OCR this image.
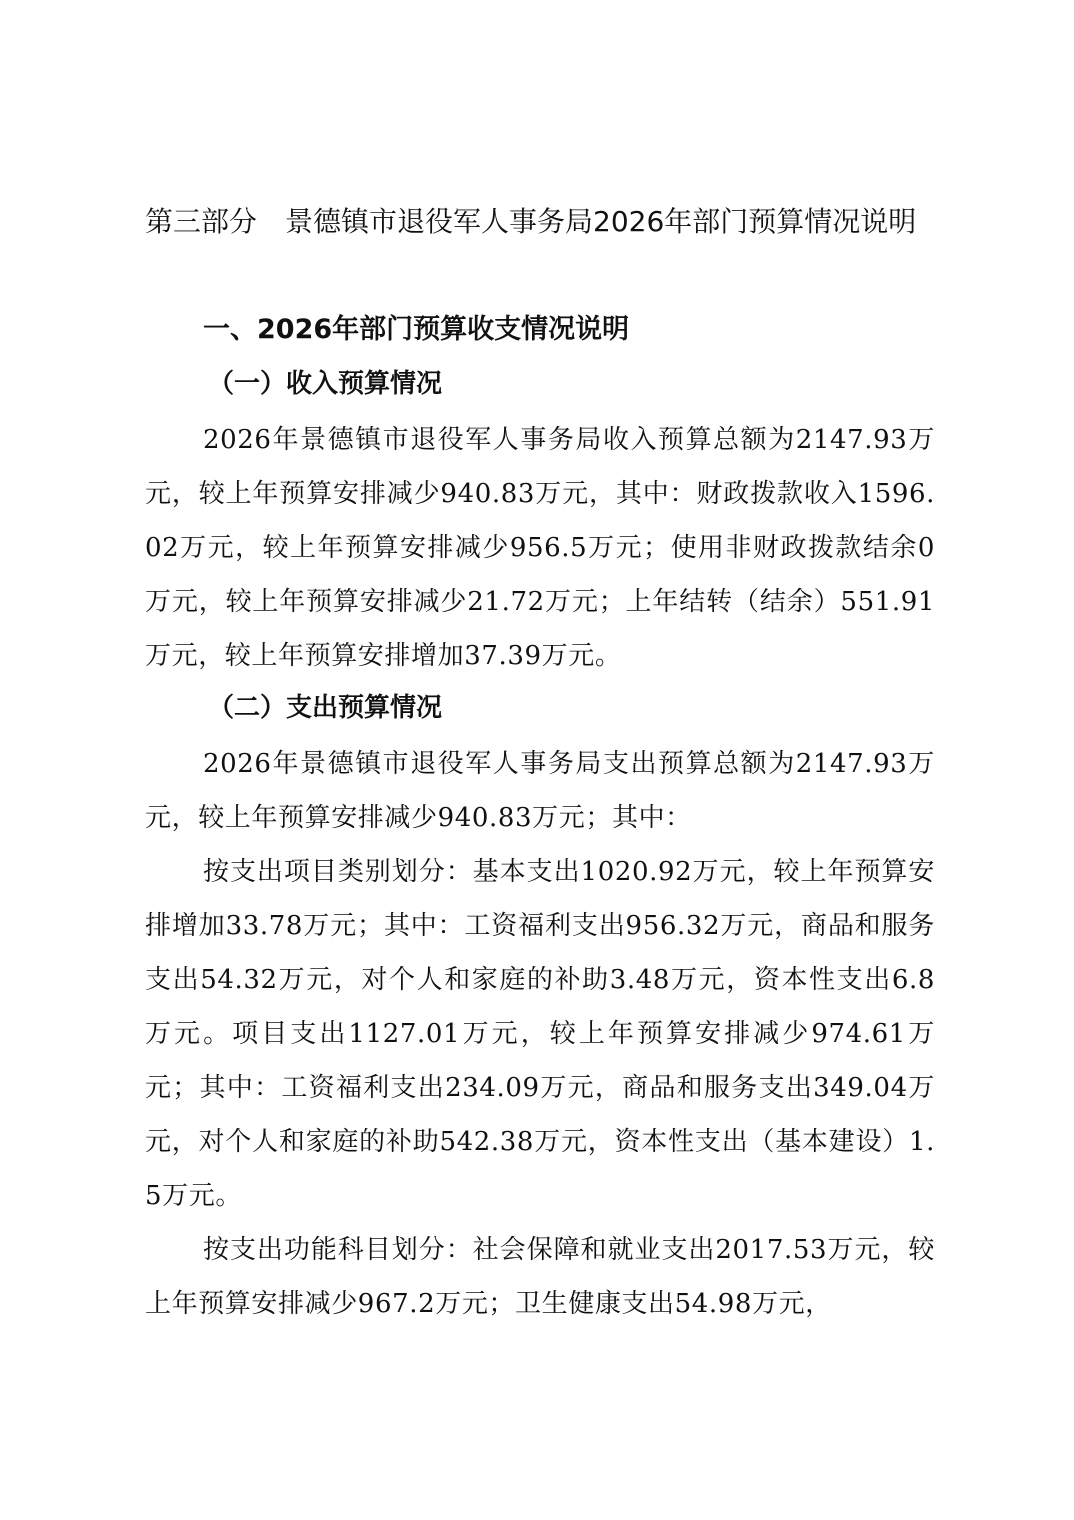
第三部分　景德镇市退役军人事务局2026年部门预算情况说明
一、2026年部门预算收支情况说明
（一）收入预算情况

2026年景德镇市退役军人事务局收入预算总额为2147.93万元，较上年预算安排减少940.83万元，其中：财政拨款收入1596.02万元，较上年预算安排减少956.5万元；使用非财政拨款结余0万元，较上年预算安排减少21.72万元；上年结转（结余）551.91万元，较上年预算安排增加37.39万元。

（二）支出预算情况

2026年景德镇市退役军人事务局支出预算总额为2147.93万元，较上年预算安排减少940.83万元；其中：

按支出项目类别划分：基本支出1020.92万元，较上年预算安排增加33.78万元；其中：工资福利支出956.32万元，商品和服务支出54.32万元，对个人和家庭的补助3.48万元，资本性支出6.8万元。项目支出1127.01万元，较上年预算安排减少974.61万元；其中：工资福利支出234.09万元，商品和服务支出349.04万元，对个人和家庭的补助542.38万元，资本性支出（基本建设）1.5万元。

按支出功能科目划分：社会保障和就业支出2017.53万元，较上年预算安排减少967.2万元；卫生健康支出54.98万元，
